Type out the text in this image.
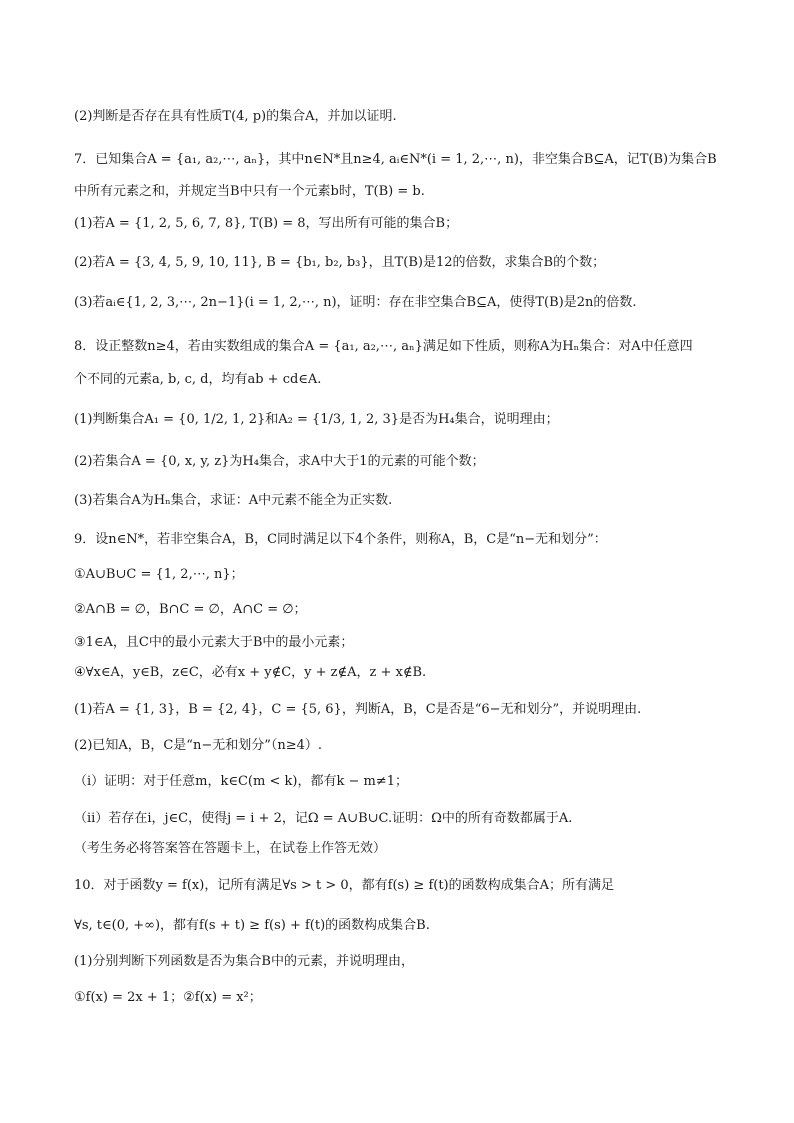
(2)判断是否存在具有性质T(4, p)的集合A，并加以证明.
7．已知集合A = {a₁, a₂,⋯, aₙ}，其中n∈N*且n≥4, aᵢ∈N*(i = 1, 2,⋯, n)，非空集合B⊆A，记T(B)为集合B
中所有元素之和，并规定当B中只有一个元素b时，T(B) = b.
(1)若A = {1, 2, 5, 6, 7, 8}, T(B) = 8，写出所有可能的集合B；
(2)若A = {3, 4, 5, 9, 10, 11}, B = {b₁, b₂, b₃}，且T(B)是12的倍数，求集合B的个数；
(3)若aᵢ∈{1, 2, 3,⋯, 2n−1}(i = 1, 2,⋯, n)，证明：存在非空集合B⊆A，使得T(B)是2n的倍数.
8．设正整数n≥4，若由实数组成的集合A = {a₁, a₂,⋯, aₙ}满足如下性质，则称A为Hₙ集合：对A中任意四
个不同的元素a, b, c, d，均有ab + cd∈A.
(1)判断集合A₁ = {0, 1/2, 1, 2}和A₂ = {1/3, 1, 2, 3}是否为H₄集合，说明理由；
(2)若集合A = {0, x, y, z}为H₄集合，求A中大于1的元素的可能个数；
(3)若集合A为Hₙ集合，求证：A中元素不能全为正实数.
9．设n∈N*，若非空集合A，B，C同时满足以下4个条件，则称A，B，C是“n−无和划分”：
①A∪B∪C = {1, 2,⋯, n}；
②A∩B = ∅，B∩C = ∅，A∩C = ∅；
③1∈A，且C中的最小元素大于B中的最小元素；
④∀x∈A，y∈B，z∈C，必有x + y∉C，y + z∉A，z + x∉B.
(1)若A = {1, 3}，B = {2, 4}，C = {5, 6}，判断A，B，C是否是“6−无和划分”，并说明理由.
(2)已知A，B，C是“n−无和划分”（n≥4）.
（i）证明：对于任意m，k∈C(m < k)，都有k − m≠1；
（ii）若存在i，j∈C，使得j = i + 2，记Ω = A∪B∪C.证明：Ω中的所有奇数都属于A.
（考生务必将答案答在答题卡上，在试卷上作答无效）
10．对于函数y = f(x)，记所有满足∀s > t > 0，都有f(s) ≥ f(t)的函数构成集合A；所有满足
∀s, t∈(0, +∞)，都有f(s + t) ≥ f(s) + f(t)的函数构成集合B.
(1)分别判断下列函数是否为集合B中的元素，并说明理由，
①f(x) = 2x + 1；②f(x) = x²；
